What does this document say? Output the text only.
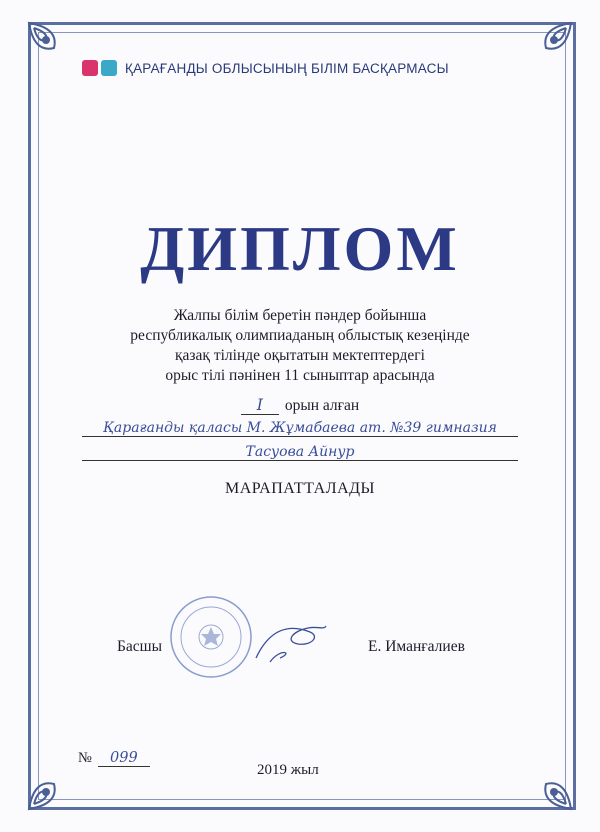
ҚАРАҒАНДЫ ОБЛЫСЫНЫҢ БІЛІМ БАСҚАРМАСЫ
ДИПЛОМ
Жалпы білім беретін пәндер бойынша
республикалық олимпиаданың облыстық кезеңінде
қазақ тілінде оқытатын мектептердегі
орыс тілі пәнінен 11 сыныптар арасында
I орын алған
Қарағанды қаласы М. Жұмабаева ат. №39 гимназия
Тасуова Айнур
МАРАПАТТАЛАДЫ
Басшы	Е. Иманғалиев
№ 099
2019 жыл
